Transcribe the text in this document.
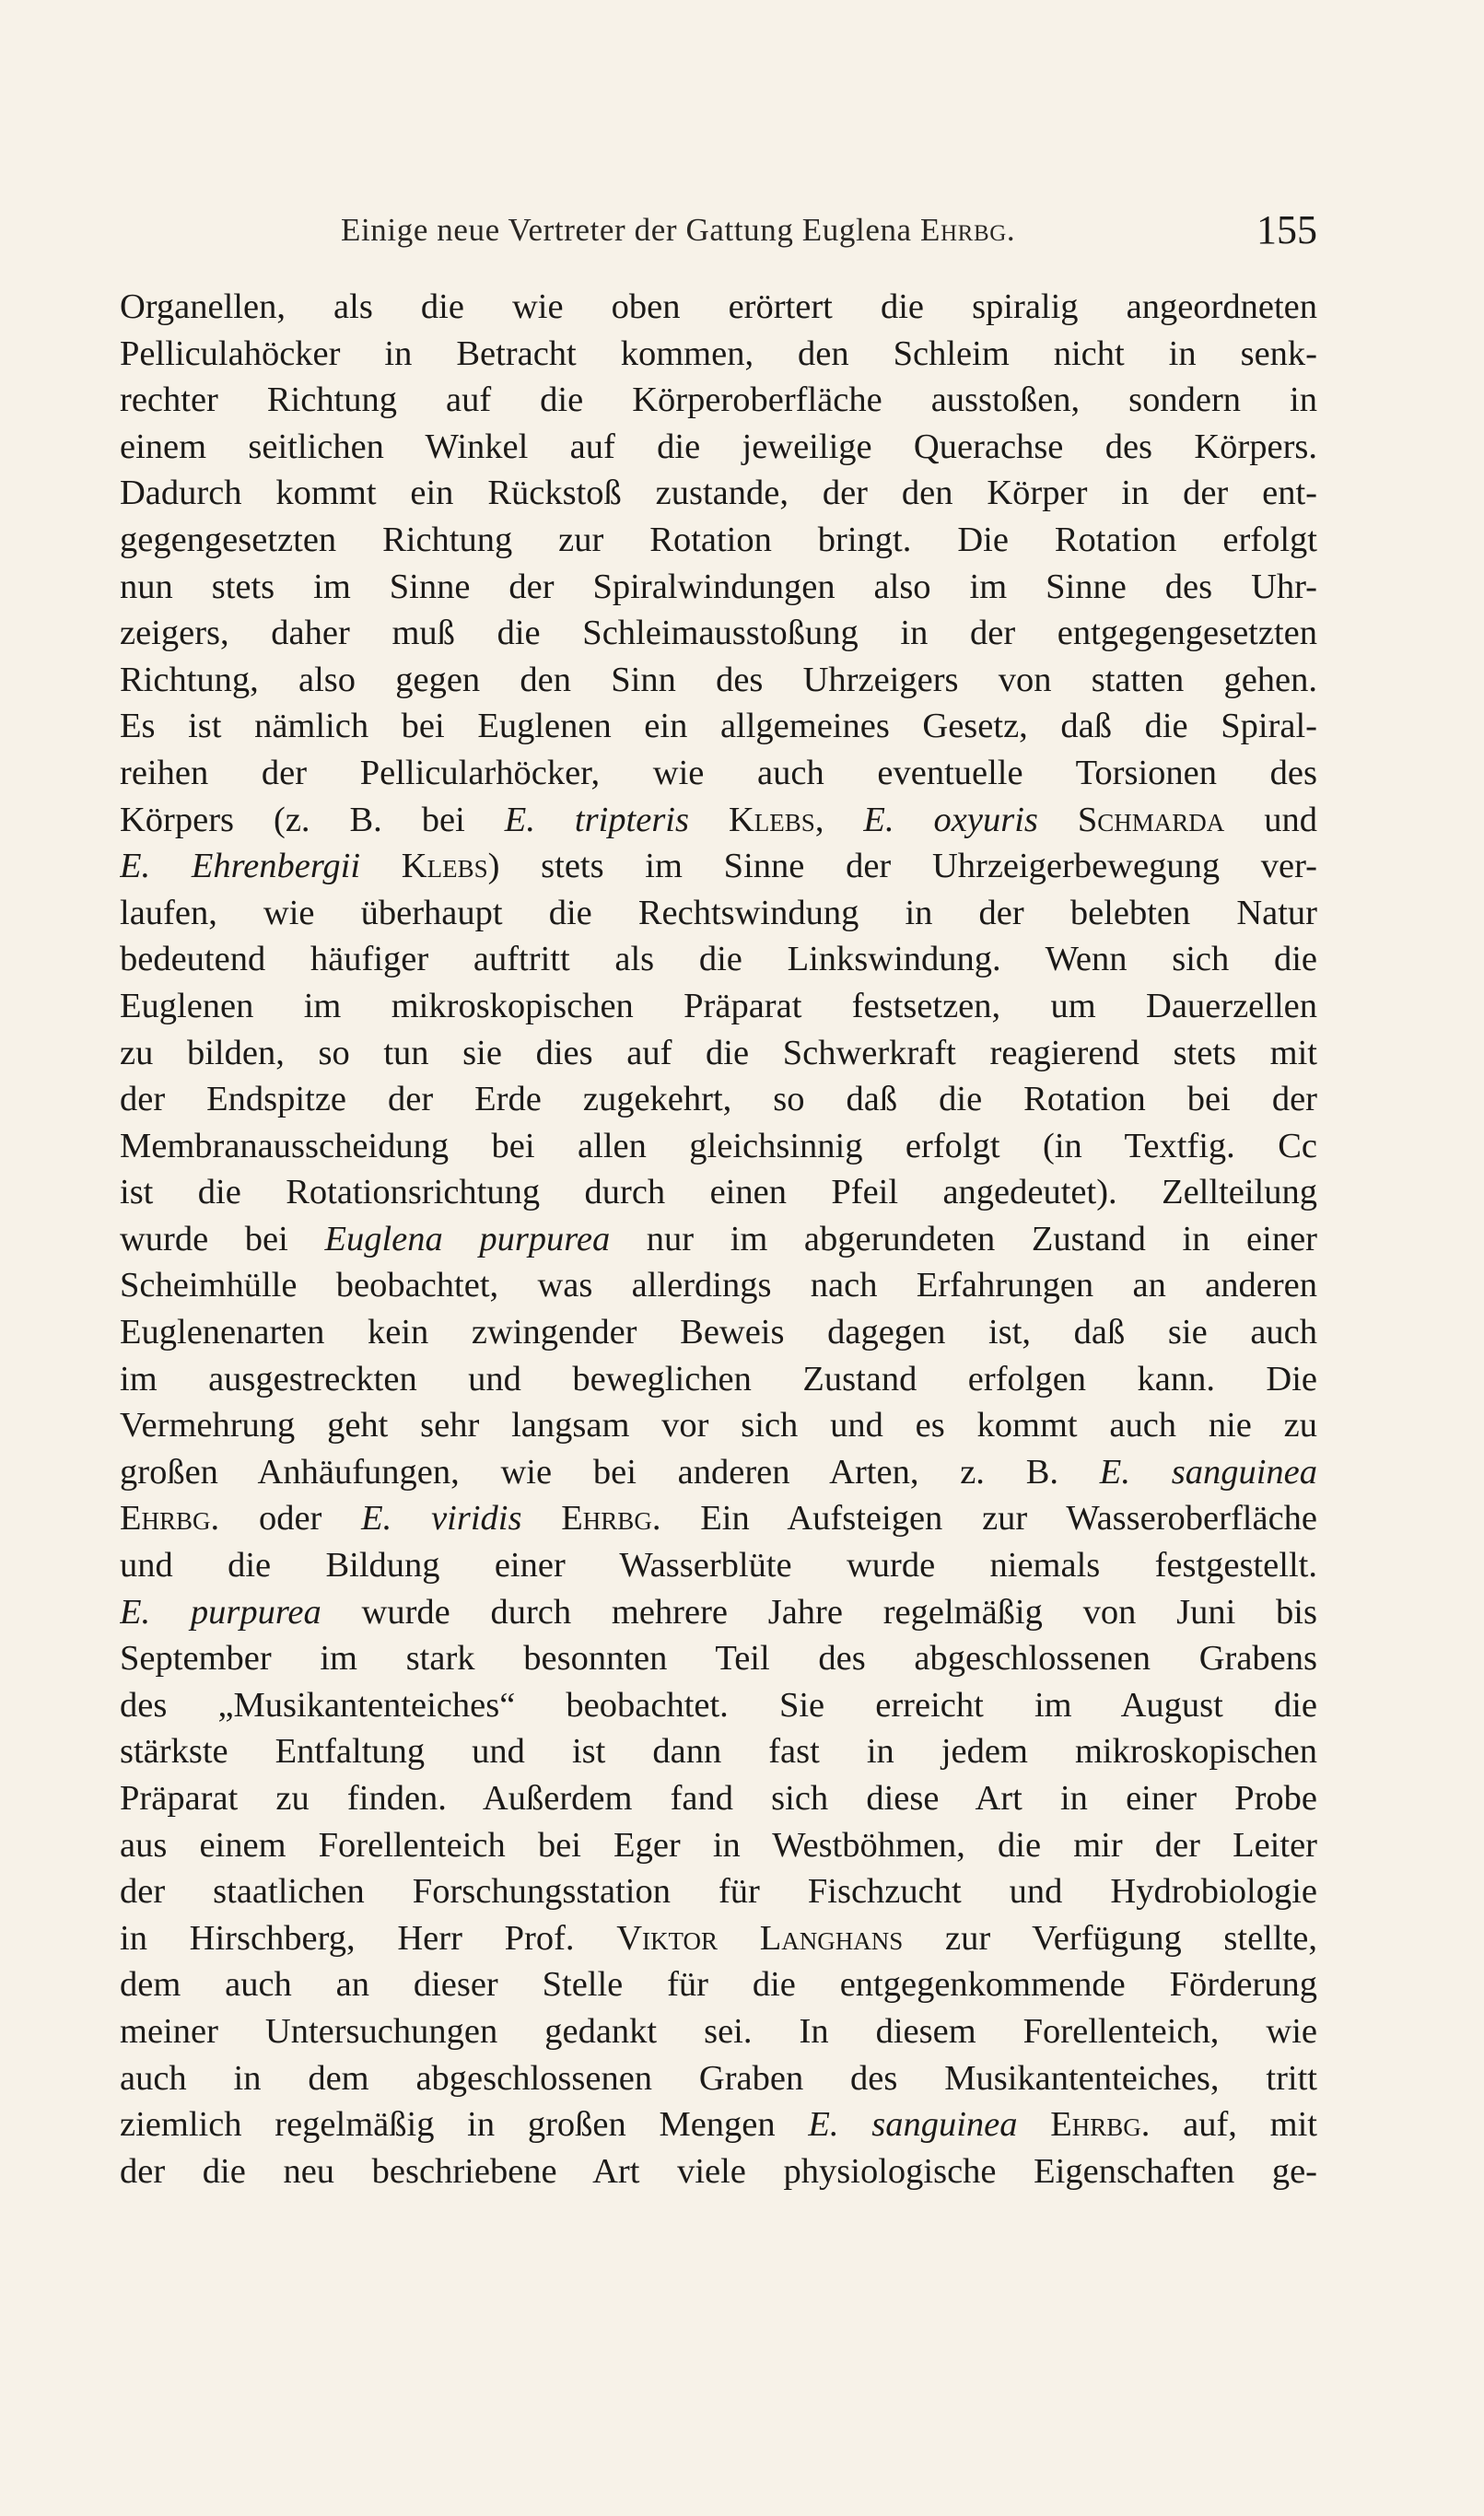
Einige neue Vertreter der Gattung Euglena Ehrbg.	155
Organellen, als die wie oben erörtert die spiralig angeordneten
Pelliculahöcker in Betracht kommen, den Schleim nicht in senk-
rechter Richtung auf die Körperoberfläche ausstoßen, sondern in
einem seitlichen Winkel auf die jeweilige Querachse des Körpers.
Dadurch kommt ein Rückstoß zustande, der den Körper in der ent-
gegengesetzten Richtung zur Rotation bringt. Die Rotation erfolgt
nun stets im Sinne der Spiralwindungen also im Sinne des Uhr-
zeigers, daher muß die Schleimausstoßung in der entgegengesetzten
Richtung, also gegen den Sinn des Uhrzeigers von statten gehen.
Es ist nämlich bei Euglenen ein allgemeines Gesetz, daß die Spiral-
reihen der Pellicularhöcker, wie auch eventuelle Torsionen des
Körpers (z. B. bei E. tripteris Klebs, E. oxyuris Schmarda und
E. Ehrenbergii Klebs) stets im Sinne der Uhrzeigerbewegung ver-
laufen, wie überhaupt die Rechtswindung in der belebten Natur
bedeutend häufiger auftritt als die Linkswindung. Wenn sich die
Euglenen im mikroskopischen Präparat festsetzen, um Dauerzellen
zu bilden, so tun sie dies auf die Schwerkraft reagierend stets mit
der Endspitze der Erde zugekehrt, so daß die Rotation bei der
Membranausscheidung bei allen gleichsinnig erfolgt (in Textfig. Cc
ist die Rotationsrichtung durch einen Pfeil angedeutet). Zellteilung
wurde bei Euglena purpurea nur im abgerundeten Zustand in einer
Scheimhülle beobachtet, was allerdings nach Erfahrungen an anderen
Euglenenarten kein zwingender Beweis dagegen ist, daß sie auch
im ausgestreckten und beweglichen Zustand erfolgen kann. Die
Vermehrung geht sehr langsam vor sich und es kommt auch nie zu
großen Anhäufungen, wie bei anderen Arten, z. B. E. sanguinea
Ehrbg. oder E. viridis Ehrbg. Ein Aufsteigen zur Wasseroberfläche
und die Bildung einer Wasserblüte wurde niemals festgestellt.
E. purpurea wurde durch mehrere Jahre regelmäßig von Juni bis
September im stark besonnten Teil des abgeschlossenen Grabens
des „Musikantenteiches“ beobachtet. Sie erreicht im August die
stärkste Entfaltung und ist dann fast in jedem mikroskopischen
Präparat zu finden. Außerdem fand sich diese Art in einer Probe
aus einem Forellenteich bei Eger in Westböhmen, die mir der Leiter
der staatlichen Forschungsstation für Fischzucht und Hydrobiologie
in Hirschberg, Herr Prof. Viktor Langhans zur Verfügung stellte,
dem auch an dieser Stelle für die entgegenkommende Förderung
meiner Untersuchungen gedankt sei. In diesem Forellenteich, wie
auch in dem abgeschlossenen Graben des Musikantenteiches, tritt
ziemlich regelmäßig in großen Mengen E. sanguinea Ehrbg. auf, mit
der die neu beschriebene Art viele physiologische Eigenschaften ge-
